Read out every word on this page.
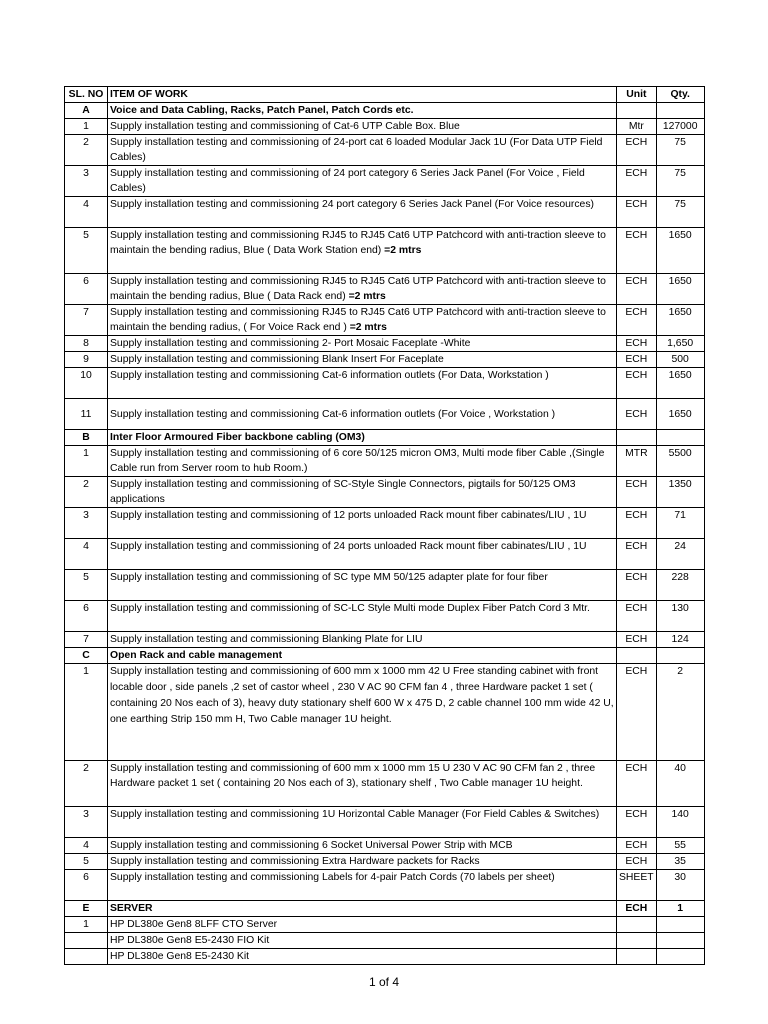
SL. NO	ITEM OF WORK	Unit	Qty.
A	Voice and Data Cabling, Racks, Patch Panel, Patch Cords etc.		
1	Supply installation testing and commissioning of Cat-6 UTP Cable Box. Blue	Mtr	127000
2	Supply installation testing and commissioning of 24-port cat 6 loaded Modular Jack 1U (For Data UTP Field Cables)	ECH	75
3	Supply installation testing and commissioning of 24 port category 6 Series Jack Panel (For Voice , Field Cables)	ECH	75
4	Supply installation testing and commissioning 24 port category 6 Series Jack Panel (For Voice resources)	ECH	75
5	Supply installation testing and commissioning RJ45 to RJ45 Cat6 UTP Patchcord with anti-traction sleeve to maintain the bending radius, Blue ( Data Work Station end) =2 mtrs	ECH	1650
6	Supply installation testing and commissioning RJ45 to RJ45 Cat6 UTP Patchcord with anti-traction sleeve to maintain the bending radius, Blue ( Data Rack end) =2 mtrs	ECH	1650
7	Supply installation testing and commissioning RJ45 to RJ45 Cat6 UTP Patchcord with anti-traction sleeve to maintain the bending radius, ( For Voice Rack end ) =2 mtrs	ECH	1650
8	Supply installation testing and commissioning 2- Port Mosaic Faceplate -White	ECH	1,650
9	Supply installation testing and commissioning Blank Insert For Faceplate	ECH	500
10	Supply installation testing and commissioning Cat-6 information outlets (For Data, Workstation )	ECH	1650
11	Supply installation testing and commissioning Cat-6 information outlets (For Voice , Workstation )	ECH	1650
B	Inter Floor Armoured Fiber backbone cabling (OM3)		
1	Supply installation testing and commissioning of 6 core 50/125 micron OM3, Multi mode fiber Cable ,(Single Cable run from Server room to hub Room.)	MTR	5500
2	Supply installation testing and commissioning of SC-Style Single Connectors, pigtails for 50/125 OM3 applications	ECH	1350
3	Supply installation testing and commissioning of 12 ports unloaded Rack mount fiber cabinates/LIU , 1U	ECH	71
4	Supply installation testing and commissioning of 24 ports unloaded Rack mount fiber cabinates/LIU , 1U	ECH	24
5	Supply installation testing and commissioning of SC type MM 50/125 adapter plate for four fiber	ECH	228
6	Supply installation testing and commissioning of SC-LC Style Multi mode Duplex Fiber Patch Cord 3 Mtr.	ECH	130
7	Supply installation testing and commissioning Blanking Plate for LIU	ECH	124
C	Open Rack and cable management		
1	Supply installation testing and commissioning of 600 mm x 1000 mm 42 U Free standing cabinet with front locable door , side panels ,2 set of castor wheel , 230 V AC 90 CFM fan 4 , three Hardware packet 1 set ( containing 20 Nos each of 3), heavy duty stationary shelf 600 W x 475 D, 2 cable channel 100 mm wide 42 U, one earthing Strip 150 mm H, Two Cable manager 1U height.	ECH	2
2	Supply installation testing and commissioning of 600 mm x 1000 mm 15 U 230 V AC 90 CFM fan 2 , three Hardware packet 1 set ( containing 20 Nos each of 3), stationary shelf , Two Cable manager 1U height.	ECH	40
3	Supply installation testing and commissioning 1U Horizontal Cable Manager (For Field Cables & Switches)	ECH	140
4	Supply installation testing and commissioning 6 Socket Universal Power Strip with MCB	ECH	55
5	Supply installation testing and commissioning Extra Hardware packets for Racks	ECH	35
6	Supply installation testing and commissioning Labels for 4-pair Patch Cords (70 labels per sheet)	SHEET	30
E	SERVER	ECH	1
1	HP DL380e Gen8 8LFF CTO Server		
	HP DL380e Gen8 E5-2430 FIO Kit		
	HP DL380e Gen8 E5-2430 Kit		
1 of 4
